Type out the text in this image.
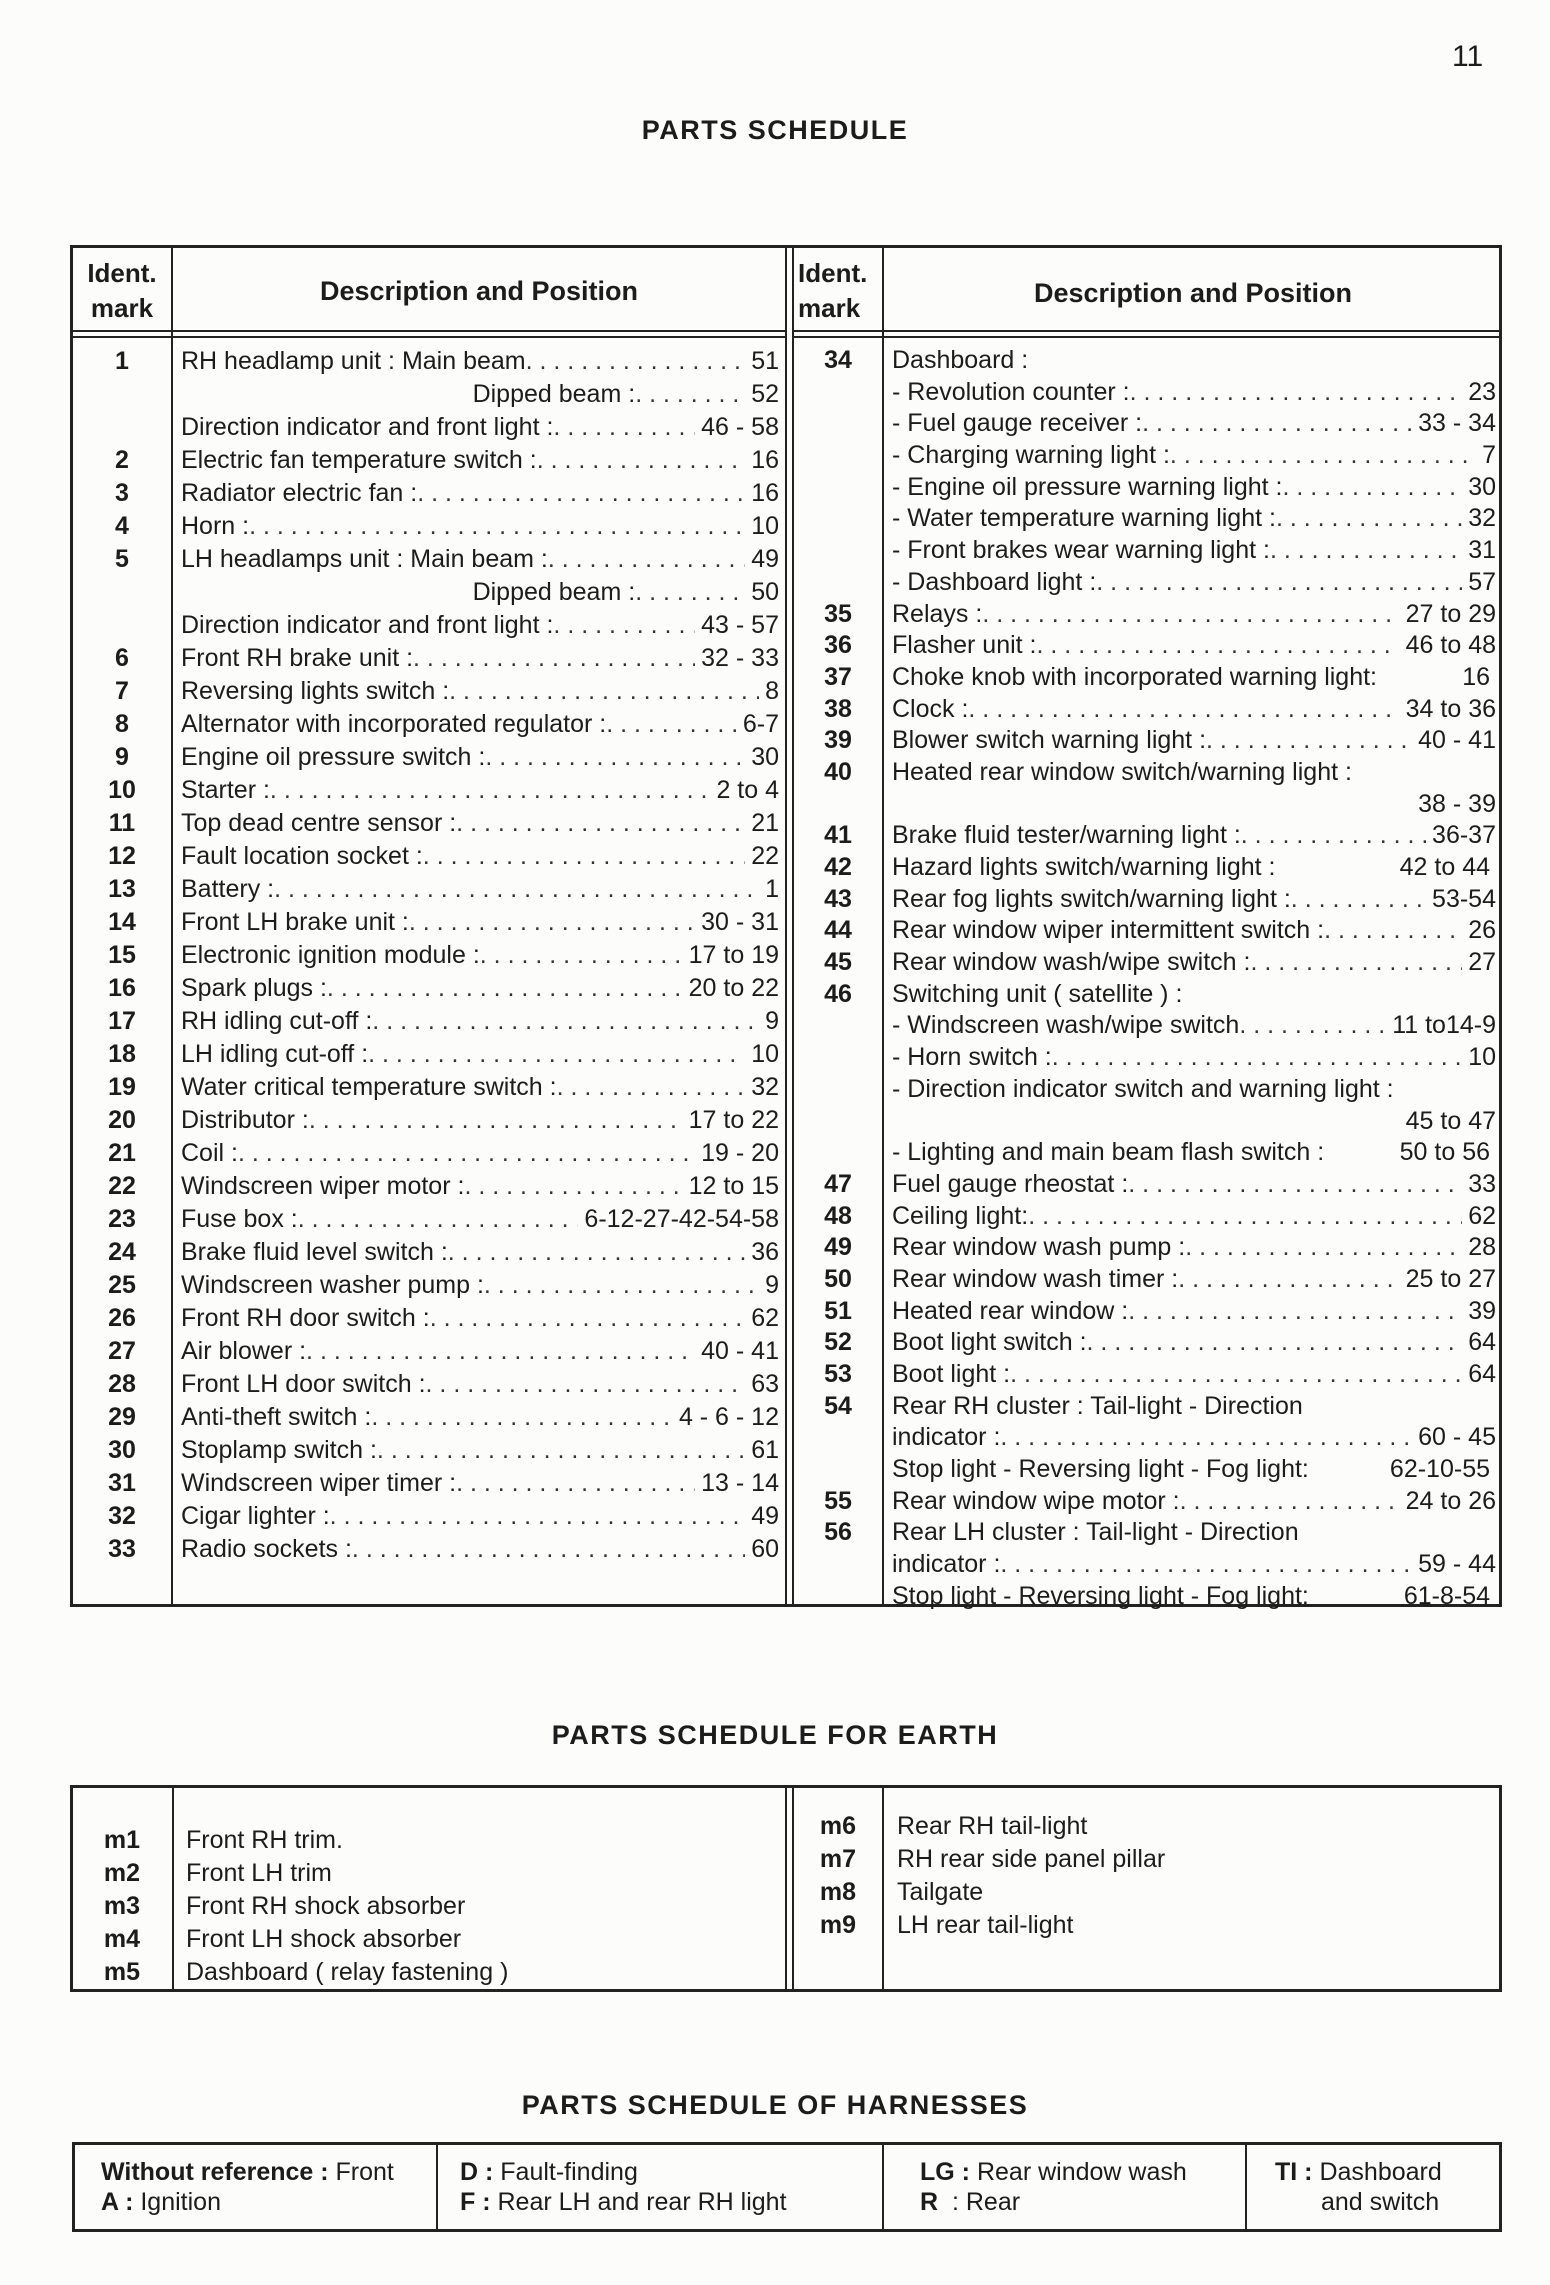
11
PARTS SCHEDULE
Ident. mark
Description and Position
Ident. mark	Description and Position
1	RH headlamp unit : Main beam . . .	51
Dipped beam : . . .	52
Direction indicator and front light : . . .	46 - 58
2	Electric fan temperature switch : . . .	16
3	Radiator electric fan : . . .	16
4	Horn : . . .	10
5	LH headlamps unit : Main beam : . . .	49
Dipped beam : . . .	50
Direction indicator and front light : . . .	43 - 57
6	Front RH brake unit : . . .	32 - 33
7	Reversing lights switch : . . .	8
8	Alternator with incorporated regulator : . . .	6-7
9	Engine oil pressure switch : . . .	30
10	Starter : . . .	2 to 4
11	Top dead centre sensor : . . .	21
12	Fault location socket : . . .	22
13	Battery : . . .	1
14	Front LH brake unit : . . .	30 - 31
15	Electronic ignition module : . . .	17 to 19
16	Spark plugs : . . .	20 to 22
17	RH idling cut-off : . . .	9
18	LH idling cut-off : . . .	10
19	Water critical temperature switch : . . .	32
20	Distributor : . . .	17 to 22
21	Coil : . . .	19 - 20
22	Windscreen wiper motor : . . .	12 to 15
23	Fuse box : . . .	6-12-27-42-54-58
24	Brake fluid level switch : . . .	36
25	Windscreen washer pump : . . .	9
26	Front RH door switch : . . .	62
27	Air blower : . . .	40 - 41
28	Front LH door switch : . . .	63
29	Anti-theft switch : . . .	4 - 6 - 12
30	Stoplamp switch : . . .	61
31	Windscreen wiper timer : . . .	13 - 14
32	Cigar lighter : . . .	49
33	Radio sockets : . . .	60
34	Dashboard :
- Revolution counter : . . .	23
- Fuel gauge receiver : . . .	33 - 34
- Charging warning light : . . .	7
- Engine oil pressure warning light : . . .	30
- Water temperature warning light : . . .	32
- Front brakes wear warning light : . . .	31
- Dashboard light : . . .	57
35	Relays : . . .	27 to 29
36	Flasher unit : . . .	46 to 48
37	Choke knob with incorporated warning light:	16
38	Clock : . . .	34 to 36
39	Blower switch warning light : . . .	40 - 41
40	Heated rear window switch/warning light :
38 - 39
41	Brake fluid tester/warning light : . . .	36-37
42	Hazard lights switch/warning light :	42 to 44
43	Rear fog lights switch/warning light : . . .	53-54
44	Rear window wiper intermittent switch : . . .	26
45	Rear window wash/wipe switch : . . .	27
46	Switching unit ( satellite ) :
- Windscreen wash/wipe switch . . .	11 to14-9
- Horn switch : . . .	10
- Direction indicator switch and warning light :
45 to 47
- Lighting and main beam flash switch :	50 to 56
47	Fuel gauge rheostat : . . .	33
48	Ceiling light: . . .	62
49	Rear window wash pump : . . .	28
50	Rear window wash timer : . . .	25 to 27
51	Heated rear window : . . .	39
52	Boot light switch : . . .	64
53	Boot light : . . .	64
54	Rear RH cluster : Tail-light - Direction
indicator : . . .	60 - 45
Stop light - Reversing light - Fog light:	62-10-55
55	Rear window wipe motor : . . .	24 to 26
56	Rear LH cluster : Tail-light - Direction
indicator : . . .	59 - 44
Stop light - Reversing light - Fog light:	61-8-54
PARTS SCHEDULE FOR EARTH
m1	Front RH trim.
m2	Front LH trim
m3	Front RH shock absorber
m4	Front LH shock absorber
m5	Dashboard ( relay fastening )
m6	Rear RH tail-light
m7	RH rear side panel pillar
m8	Tailgate
m9	LH rear tail-light
PARTS SCHEDULE OF HARNESSES
Without reference : Front
A : Ignition
D : Fault-finding
F : Rear LH and rear RH light
LG : Rear window wash
R : Rear
TI : Dashboard
and switch
